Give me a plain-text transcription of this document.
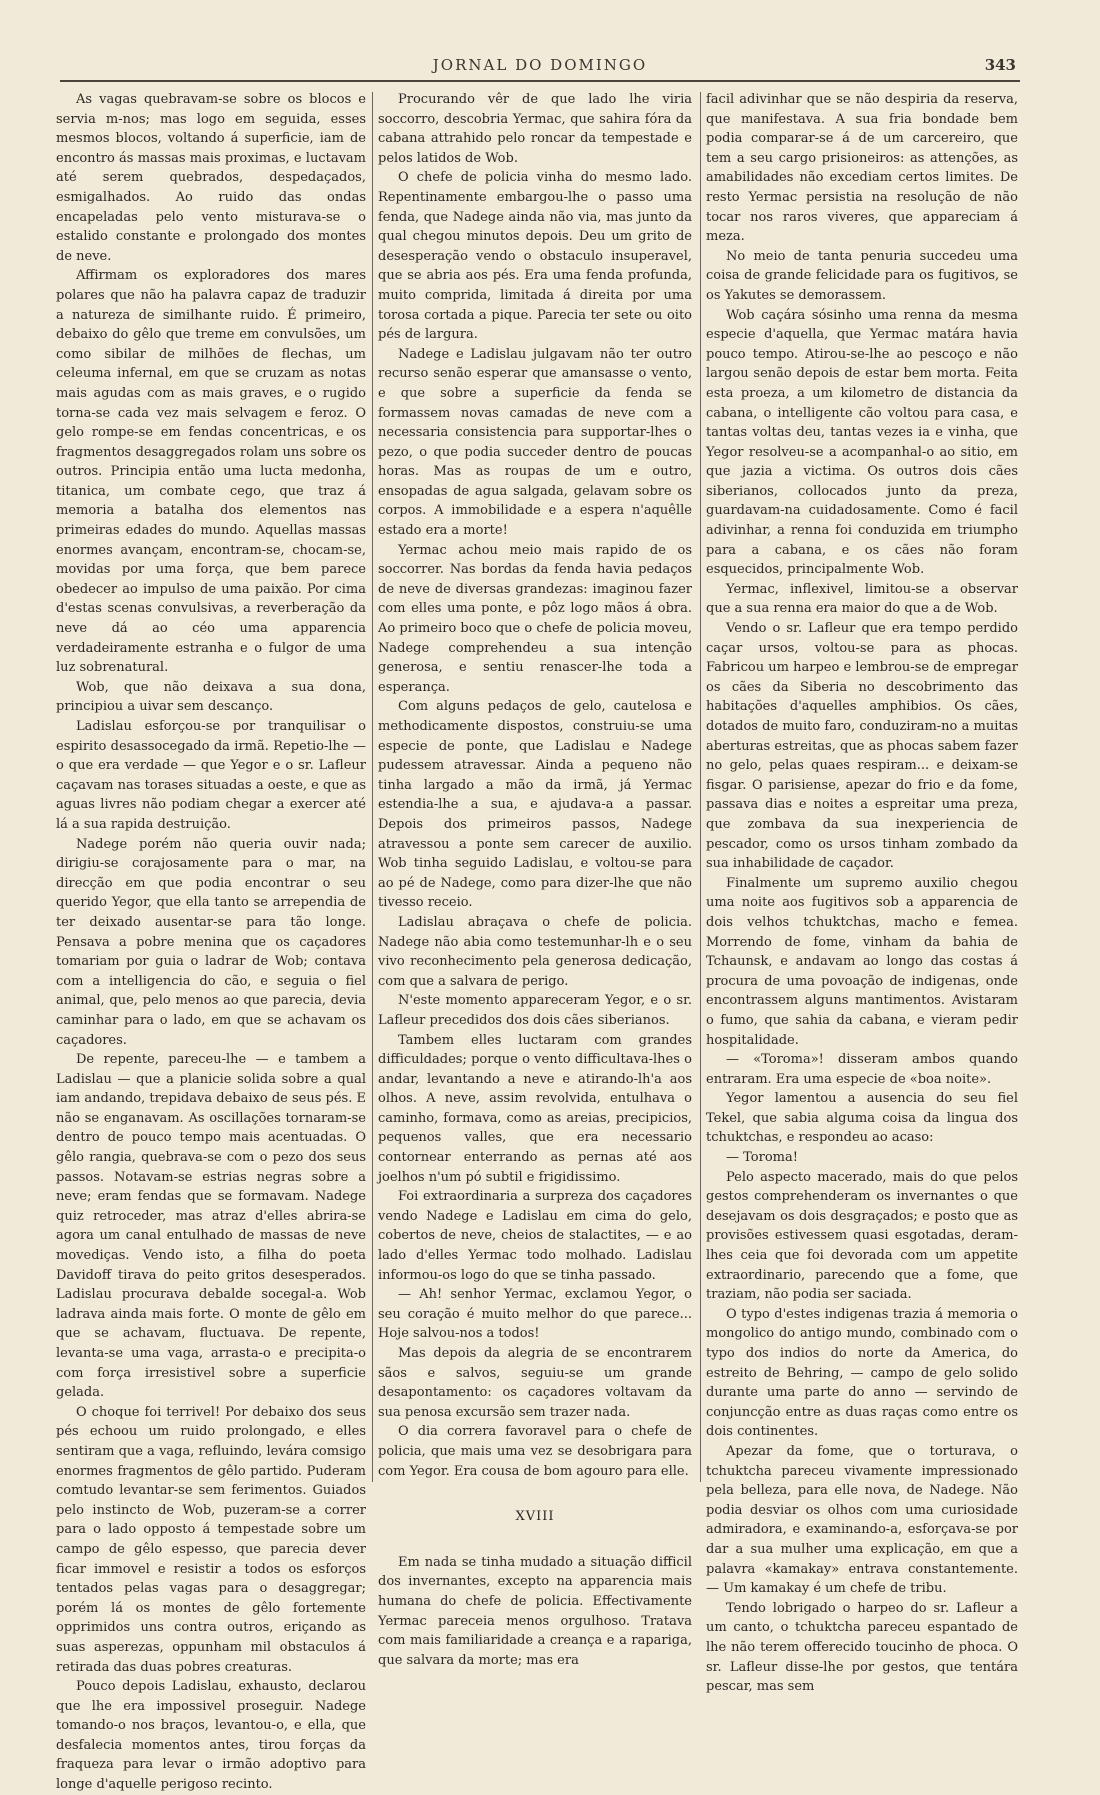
JORNAL DO DOMINGO	343

As vagas quebravam-se sobre os blocos e servia m-nos; mas logo em seguida, esses mesmos blocos, voltando á superficie, iam de encontro ás massas mais proximas, e luctavam até serem quebrados, despedaçados, esmigalhados. Ao ruido das ondas encapeladas pelo vento misturava-se o estalido constante e prolongado dos montes de neve.

Affirmam os exploradores dos mares polares que não ha palavra capaz de traduzir a natureza de similhante ruido. É primeiro, debaixo do gêlo que treme em convulsões, um como sibilar de milhões de flechas, um celeuma infernal, em que se cruzam as notas mais agudas com as mais graves, e o rugido torna-se cada vez mais selvagem e feroz. O gelo rompe-se em fendas concentricas, e os fragmentos desaggregados rolam uns sobre os outros. Principia então uma lucta medonha, titanica, um combate cego, que traz á memoria a batalha dos elementos nas primeiras edades do mundo. Aquellas massas enormes avançam, encontram-se, chocam-se, movidas por uma força, que bem parece obedecer ao impulso de uma paixão. Por cima d'estas scenas convulsivas, a reverberação da neve dá ao céo uma apparencia verdadeiramente estranha e o fulgor de uma luz sobrenatural.

Wob, que não deixava a sua dona, principiou a uivar sem descanço.

Ladislau esforçou-se por tranquilisar o espirito desassocegado da irmã. Repetio-lhe — o que era verdade — que Yegor e o sr. Lafleur caçavam nas torases situadas a oeste, e que as aguas livres não podiam chegar a exercer até lá a sua rapida destruição.

Nadege porém não queria ouvir nada; dirigiu-se corajosamente para o mar, na direcção em que podia encontrar o seu querido Yegor, que ella tanto se arrependia de ter deixado ausentar-se para tão longe. Pensava a pobre menina que os caçadores tomariam por guia o ladrar de Wob; contava com a intelligencia do cão, e seguia o fiel animal, que, pelo menos ao que parecia, devia caminhar para o lado, em que se achavam os caçadores.

De repente, pareceu-lhe — e tambem a Ladislau — que a planicie solida sobre a qual iam andando, trepidava debaixo de seus pés. E não se enganavam. As oscillações tornaram-se dentro de pouco tempo mais acentuadas. O gêlo rangia, quebrava-se com o pezo dos seus passos. Notavam-se estrias negras sobre a neve; eram fendas que se formavam. Nadege quiz retroceder, mas atraz d'elles abrira-se agora um canal entulhado de massas de neve movediças. Vendo isto, a filha do poeta Davidoff tirava do peito gritos desesperados. Ladislau procurava debalde socegal-a. Wob ladrava ainda mais forte. O monte de gêlo em que se achavam, fluctuava. De repente, levanta-se uma vaga, arrasta-o e precipita-o com força irresistivel sobre a superficie gelada.

O choque foi terrivel! Por debaixo dos seus pés echoou um ruido prolongado, e elles sentiram que a vaga, refluindo, levára comsigo enormes fragmentos de gêlo partido. Puderam comtudo levantar-se sem ferimentos. Guiados pelo instincto de Wob, puzeram-se a correr para o lado opposto á tempestade sobre um campo de gêlo espesso, que parecia dever ficar immovel e resistir a todos os esforços tentados pelas vagas para o desaggregar; porém lá os montes de gêlo fortemente opprimidos uns contra outros, eriçando as suas asperezas, oppunham mil obstaculos á retirada das duas pobres creaturas.

Pouco depois Ladislau, exhausto, declarou que lhe era impossivel proseguir. Nadege tomando-o nos braços, levantou-o, e ella, que desfalecia momentos antes, tirou forças da fraqueza para levar o irmão adoptivo para longe d'aquelle perigoso recinto.

Procurando vêr de que lado lhe viria soccorro, descobria Yermac, que sahira fóra da cabana attrahido pelo roncar da tempestade e pelos latidos de Wob.

O chefe de policia vinha do mesmo lado. Repentinamente embargou-lhe o passo uma fenda, que Nadege ainda não via, mas junto da qual chegou minutos depois. Deu um grito de desesperação vendo o obstaculo insuperavel, que se abria aos pés. Era uma fenda profunda, muito comprida, limitada á direita por uma torosa cortada a pique. Parecia ter sete ou oito pés de largura.

Nadege e Ladislau julgavam não ter outro recurso senão esperar que amansasse o vento, e que sobre a superficie da fenda se formassem novas camadas de neve com a necessaria consistencia para supportar-lhes o pezo, o que podia succeder dentro de poucas horas. Mas as roupas de um e outro, ensopadas de agua salgada, gelavam sobre os corpos. A immobilidade e a espera n'aquêlle estado era a morte!

Yermac achou meio mais rapido de os soccorrer. Nas bordas da fenda havia pedaços de neve de diversas grandezas: imaginou fazer com elles uma ponte, e pôz logo mãos á obra. Ao primeiro boco que o chefe de policia moveu, Nadege comprehendeu a sua intenção generosa, e sentiu renascer-lhe toda a esperança.

Com alguns pedaços de gelo, cautelosa e methodicamente dispostos, construiu-se uma especie de ponte, que Ladislau e Nadege pudessem atravessar. Ainda a pequeno não tinha largado a mão da irmã, já Yermac estendia-lhe a sua, e ajudava-a a passar. Depois dos primeiros passos, Nadege atravessou a ponte sem carecer de auxilio. Wob tinha seguido Ladislau, e voltou-se para ao pé de Nadege, como para dizer-lhe que não tivesso receio.

Ladislau abraçava o chefe de policia. Nadege não abia como testemunhar-lh e o seu vivo reconhecimento pela generosa dedicação, com que a salvara de perigo.

N'este momento appareceram Yegor, e o sr. Lafleur precedidos dos dois cães siberianos.

Tambem elles luctaram com grandes difficuldades; porque o vento difficultava-lhes o andar, levantando a neve e atirando-lh'a aos olhos. A neve, assim revolvida, entulhava o caminho, formava, como as areias, precipicios, pequenos valles, que era necessario contornear enterrando as pernas até aos joelhos n'um pó subtil e frigidissimo.

Foi extraordinaria a surpreza dos caçadores vendo Nadege e Ladislau em cima do gelo, cobertos de neve, cheios de stalactites, — e ao lado d'elles Yermac todo molhado. Ladislau informou-os logo do que se tinha passado.

— Ah! senhor Yermac, exclamou Yegor, o seu coração é muito melhor do que parece... Hoje salvou-nos a todos!

Mas depois da alegria de se encontrarem sãos e salvos, seguiu-se um grande desapontamento: os caçadores voltavam da sua penosa excursão sem trazer nada.

O dia correra favoravel para o chefe de policia, que mais uma vez se desobrigara para com Yegor. Era cousa de bom agouro para elle.

XVIII

Em nada se tinha mudado a situação difficil dos invernantes, excepto na apparencia mais humana do chefe de policia. Effectivamente Yermac pareceia menos orgulhoso. Tratava com mais familiaridade a creança e a rapariga, que salvara da morte; mas era

facil adivinhar que se não despiria da reserva, que manifestava. A sua fria bondade bem podia comparar-se á de um carcereiro, que tem a seu cargo prisioneiros: as attenções, as amabilidades não excediam certos limites. De resto Yermac persistia na resolução de não tocar nos raros viveres, que appareciam á meza.

No meio de tanta penuria succedeu uma coisa de grande felicidade para os fugitivos, se os Yakutes se demorassem.

Wob caçára sósinho uma renna da mesma especie d'aquella, que Yermac matára havia pouco tempo. Atirou-se-lhe ao pescoço e não largou senão depois de estar bem morta. Feita esta proeza, a um kilometro de distancia da cabana, o intelligente cão voltou para casa, e tantas voltas deu, tantas vezes ia e vinha, que Yegor resolveu-se a acompanhal-o ao sitio, em que jazia a victima. Os outros dois cães siberianos, collocados junto da preza, guardavam-na cuidadosamente. Como é facil adivinhar, a renna foi conduzida em triumpho para a cabana, e os cães não foram esquecidos, principalmente Wob.

Yermac, inflexivel, limitou-se a observar que a sua renna era maior do que a de Wob.

Vendo o sr. Lafleur que era tempo perdido caçar ursos, voltou-se para as phocas. Fabricou um harpeo e lembrou-se de empregar os cães da Siberia no descobrimento das habitações d'aquelles amphibios. Os cães, dotados de muito faro, conduziram-no a muitas aberturas estreitas, que as phocas sabem fazer no gelo, pelas quaes respiram... e deixam-se fisgar. O parisiense, apezar do frio e da fome, passava dias e noites a espreitar uma preza, que zombava da sua inexperiencia de pescador, como os ursos tinham zombado da sua inhabilidade de caçador.

Finalmente um supremo auxilio chegou uma noite aos fugitivos sob a apparencia de dois velhos tchuktchas, macho e femea. Morrendo de fome, vinham da bahia de Tchaunsk, e andavam ao longo das costas á procura de uma povoação de indigenas, onde encontrassem alguns mantimentos. Avistaram o fumo, que sahia da cabana, e vieram pedir hospitalidade.

— «Toroma»! disseram ambos quando entraram. Era uma especie de «boa noite».

Yegor lamentou a ausencia do seu fiel Tekel, que sabia alguma coisa da lingua dos tchuktchas, e respondeu ao acaso:

— Toroma!

Pelo aspecto macerado, mais do que pelos gestos comprehenderam os invernantes o que desejavam os dois desgraçados; e posto que as provisões estivessem quasi esgotadas, deram-lhes ceia que foi devorada com um appetite extraordinario, parecendo que a fome, que traziam, não podia ser saciada.

O typo d'estes indigenas trazia á memoria o mongolico do antigo mundo, combinado com o typo dos indios do norte da America, do estreito de Behring, — campo de gelo solido durante uma parte do anno — servindo de conjuncção entre as duas raças como entre os dois continentes.

Apezar da fome, que o torturava, o tchuktcha pareceu vivamente impressionado pela belleza, para elle nova, de Nadege. Não podia desviar os olhos com uma curiosidade admiradora, e examinando-a, esforçava-se por dar a sua mulher uma explicação, em que a palavra «kamakay» entrava constantemente. — Um kamakay é um chefe de tribu.

Tendo lobrigado o harpeo do sr. Lafleur a um canto, o tchuktcha pareceu espantado de lhe não terem offerecido toucinho de phoca. O sr. Lafleur disse-lhe por gestos, que tentára pescar, mas sem
